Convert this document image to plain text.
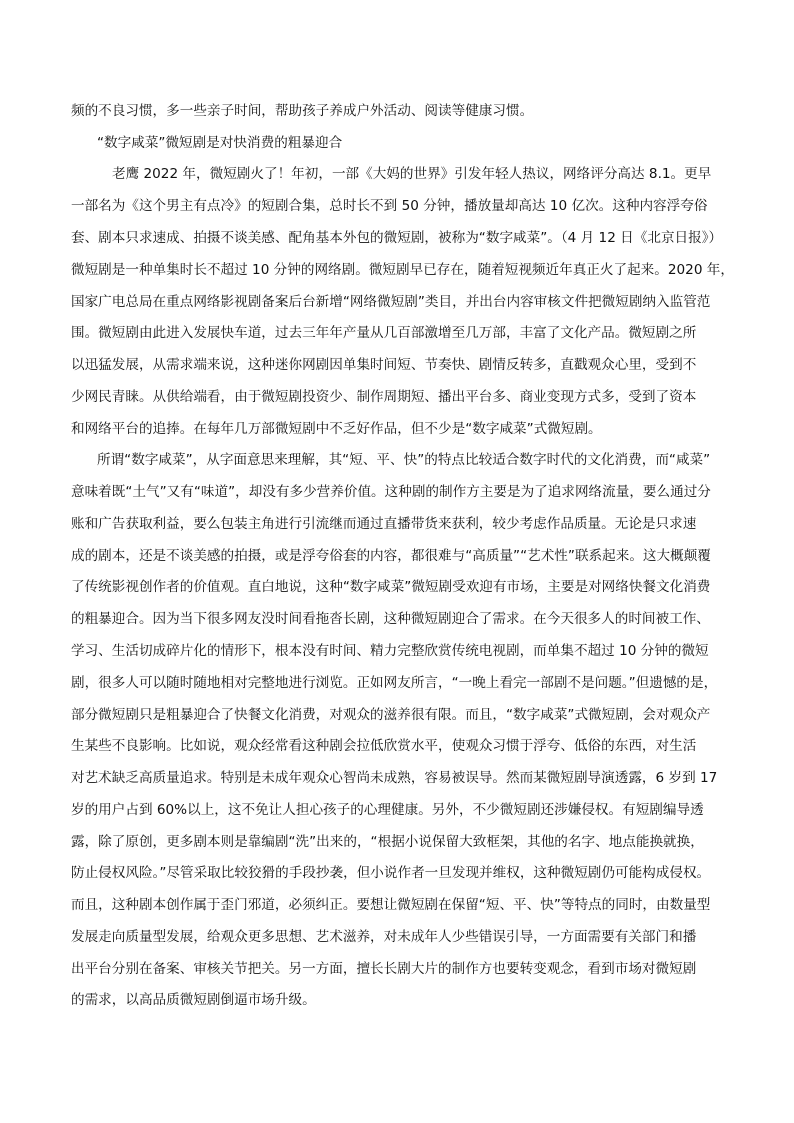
频的不良习惯，多一些亲子时间，帮助孩子养成户外活动、阅读等健康习惯。
“数字咸菜”微短剧是对快消费的粗暴迎合
老鹰 2022 年，微短剧火了！年初，一部《大妈的世界》引发年轻人热议，网络评分高达 8.1。更早
一部名为《这个男主有点冷》的短剧合集，总时长不到 50 分钟，播放量却高达 10 亿次。这种内容浮夸俗
套、剧本只求速成、拍摄不谈美感、配角基本外包的微短剧，被称为“数字咸菜”。（4 月 12 日《北京日报》）
微短剧是一种单集时长不超过 10 分钟的网络剧。微短剧早已存在，随着短视频近年真正火了起来。2020 年，
国家广电总局在重点网络影视剧备案后台新增“网络微短剧”类目，并出台内容审核文件把微短剧纳入监管范
围。微短剧由此进入发展快车道，过去三年年产量从几百部激增至几万部，丰富了文化产品。微短剧之所
以迅猛发展，从需求端来说，这种迷你网剧因单集时间短、节奏快、剧情反转多，直戳观众心里，受到不
少网民青睐。从供给端看，由于微短剧投资少、制作周期短、播出平台多、商业变现方式多，受到了资本
和网络平台的追捧。在每年几万部微短剧中不乏好作品，但不少是“数字咸菜”式微短剧。
所谓“数字咸菜”，从字面意思来理解，其“短、平、快”的特点比较适合数字时代的文化消费，而“咸菜”
意味着既“土气”又有“味道”，却没有多少营养价值。这种剧的制作方主要是为了追求网络流量，要么通过分
账和广告获取利益，要么包装主角进行引流继而通过直播带货来获利，较少考虑作品质量。无论是只求速
成的剧本，还是不谈美感的拍摄，或是浮夸俗套的内容，都很难与“高质量”“艺术性”联系起来。这大概颠覆
了传统影视创作者的价值观。直白地说，这种“数字咸菜”微短剧受欢迎有市场，主要是对网络快餐文化消费
的粗暴迎合。因为当下很多网友没时间看拖沓长剧，这种微短剧迎合了需求。在今天很多人的时间被工作、
学习、生活切成碎片化的情形下，根本没有时间、精力完整欣赏传统电视剧，而单集不超过 10 分钟的微短
剧，很多人可以随时随地相对完整地进行浏览。正如网友所言，“一晚上看完一部剧不是问题。”但遗憾的是，
部分微短剧只是粗暴迎合了快餐文化消费，对观众的滋养很有限。而且，“数字咸菜”式微短剧，会对观众产
生某些不良影响。比如说，观众经常看这种剧会拉低欣赏水平，使观众习惯于浮夸、低俗的东西，对生活
对艺术缺乏高质量追求。特别是未成年观众心智尚未成熟，容易被误导。然而某微短剧导演透露，6 岁到 17
岁的用户占到 60%以上，这不免让人担心孩子的心理健康。另外，不少微短剧还涉嫌侵权。有短剧编导透
露，除了原创，更多剧本则是靠编剧“洗”出来的，“根据小说保留大致框架，其他的名字、地点能换就换，
防止侵权风险。”尽管采取比较狡猾的手段抄袭，但小说作者一旦发现并维权，这种微短剧仍可能构成侵权。
而且，这种剧本创作属于歪门邪道，必须纠正。要想让微短剧在保留“短、平、快”等特点的同时，由数量型
发展走向质量型发展，给观众更多思想、艺术滋养，对未成年人少些错误引导，一方面需要有关部门和播
出平台分别在备案、审核关节把关。另一方面，擅长长剧大片的制作方也要转变观念，看到市场对微短剧
的需求，以高品质微短剧倒逼市场升级。
